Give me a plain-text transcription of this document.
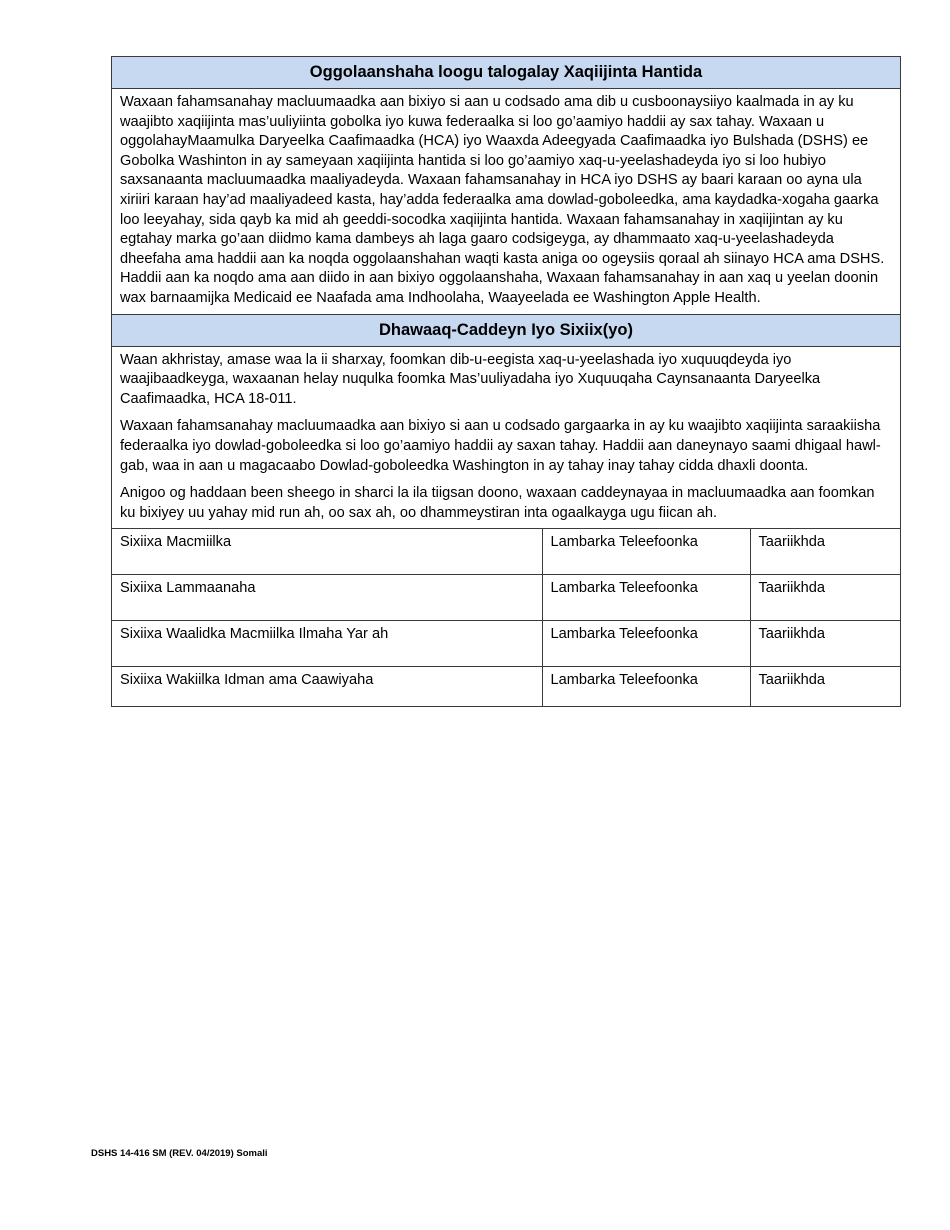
Oggolaanshaha loogu talogalay Xaqiijinta Hantida

Waxaan fahamsanahay macluumaadka aan bixiyo si aan u codsado ama dib u cusboonaysiiyo kaalmada in ay ku waajibto xaqiijinta mas’uuliyiinta gobolka iyo kuwa federaalka si loo go’aamiyo haddii ay sax tahay. Waxaan u oggolahayMaamulka Daryeelka Caafimaadka (HCA) iyo Waaxda Adeegyada Caafimaadka iyo Bulshada (DSHS) ee Gobolka Washinton in ay sameyaan xaqiijinta hantida si loo go’aamiyo xaq-u-yeelashadeyda iyo si loo hubiyo saxsanaanta macluumaadka maaliyadeyda. Waxaan fahamsanahay in HCA iyo DSHS ay baari karaan oo ayna ula xiriiri karaan hay’ad maaliyadeed kasta, hay’adda federaalka ama dowlad-goboleedka, ama kaydadka-xogaha gaarka loo leeyahay, sida qayb ka mid ah geeddi-socodka xaqiijinta hantida. Waxaan fahamsanahay in xaqiijintan ay ku egtahay marka go’aan diidmo kama dambeys ah laga gaaro codsigeyga, ay dhammaato xaq-u-yeelashadeyda dheefaha ama haddii aan ka noqda oggolaanshahan waqti kasta aniga oo ogeysiis qoraal ah siinayo HCA ama DSHS. Haddii aan ka noqdo ama aan diido in aan bixiyo oggolaanshaha, Waxaan fahamsanahay in aan xaq u yeelan doonin wax barnaamijka Medicaid ee Naafada ama Indhoolaha, Waayeelada ee Washington Apple Health.

Dhawaaq-Caddeyn Iyo Sixiix(yo)

Waan akhristay, amase waa la ii sharxay, foomkan dib-u-eegista xaq-u-yeelashada iyo xuquuqdeyda iyo waajibaadkeyga, waxaanan helay nuqulka foomka Mas’uuliyadaha iyo Xuquuqaha Caynsanaanta Daryeelka Caafimaadka, HCA 18-011.

Waxaan fahamsanahay macluumaadka aan bixiyo si aan u codsado gargaarka in ay ku waajibto xaqiijinta saraakiisha federaalka iyo dowlad-goboleedka si loo go’aamiyo haddii ay saxan tahay. Haddii aan daneynayo saami dhigaal hawl-gab, waa in aan u magacaabo Dowlad-goboleedka Washington in ay tahay inay tahay cidda dhaxli doonta.

Anigoo og haddaan been sheego in sharci la ila tiigsan doono, waxaan caddeynayaa in macluumaadka aan foomkan ku bixiyey uu yahay mid run ah, oo sax ah, oo dhammeystiran inta ogaalkayga ugu fiican ah.

Sixiixa Macmiilka	Lambarka Teleefoonka	Taariikhda
Sixiixa Lammaanaha	Lambarka Teleefoonka	Taariikhda
Sixiixa Waalidka Macmiilka Ilmaha Yar ah	Lambarka Teleefoonka	Taariikhda
Sixiixa Wakiilka Idman ama Caawiyaha	Lambarka Teleefoonka	Taariikhda
DSHS 14-416 SM (REV. 04/2019) Somali
